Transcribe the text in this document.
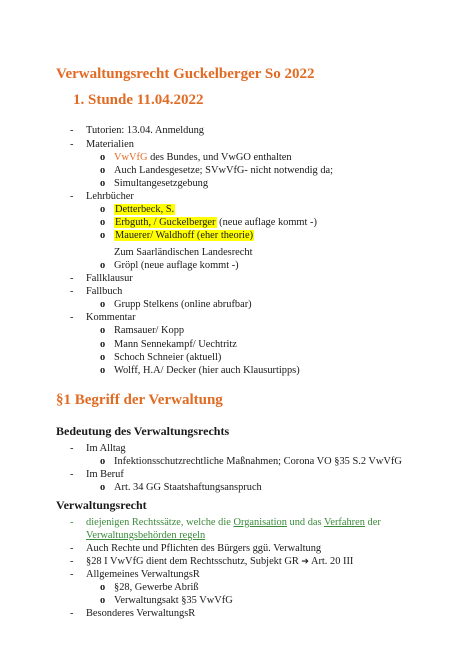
Verwaltungsrecht Guckelberger So 2022
1. Stunde 11.04.2022
- Tutorien: 13.04. Anmeldung
- Materialien
o VwVfG des Bundes, und VwGO enthalten
o Auch Landesgesetze; SVwVfG- nicht notwendig da;
o Simultangesetzgebung
- Lehrbücher
o Detterbeck, S.
o Erbguth, / Guckelberger (neue auflage kommt -)
o Mauerer/ Waldhoff (eher theorie)
Zum Saarländischen Landesrecht
o Gröpl (neue auflage kommt -)
- Fallklausur
- Fallbuch
o Grupp Stelkens (online abrufbar)
- Kommentar
o Ramsauer/ Kopp
o Mann Sennekampf/ Uechtritz
o Schoch Schneier (aktuell)
o Wolff, H.A/ Decker (hier auch Klausurtipps)
§1 Begriff der Verwaltung
Bedeutung des Verwaltungsrechts
- Im Alltag
o Infektionsschutzrechtliche Maßnahmen; Corona VO §35 S.2 VwVfG
- Im Beruf
o Art. 34 GG Staatshaftungsanspruch
Verwaltungsrecht
- diejenigen Rechtssätze, welche die Organisation und das Verfahren der
Verwaltungsbehörden regeln
- Auch Rechte und Pflichten des Bürgers ggü. Verwaltung
- §28 I VwVfG dient dem Rechtsschutz, Subjekt GR ➔ Art. 20 III
- Allgemeines VerwaltungsR
o §28, Gewerbe Abriß
o Verwaltungsakt §35 VwVfG
- Besonderes VerwaltungsR
